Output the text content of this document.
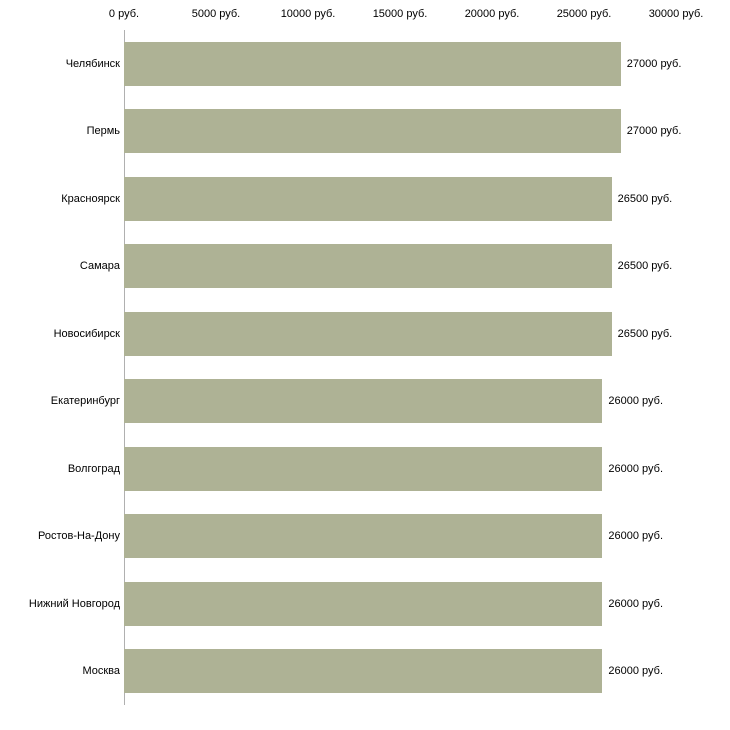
0 руб.	5000 руб.	10000 руб.	15000 руб.	20000 руб.	25000 руб.	30000 руб.
Челябинск	27000 руб.
Пермь	27000 руб.
Красноярск	26500 руб.
Самара	26500 руб.
Новосибирск	26500 руб.
Екатеринбург	26000 руб.
Волгоград	26000 руб.
Ростов-На-Дону	26000 руб.
Нижний Новгород	26000 руб.
Москва	26000 руб.
